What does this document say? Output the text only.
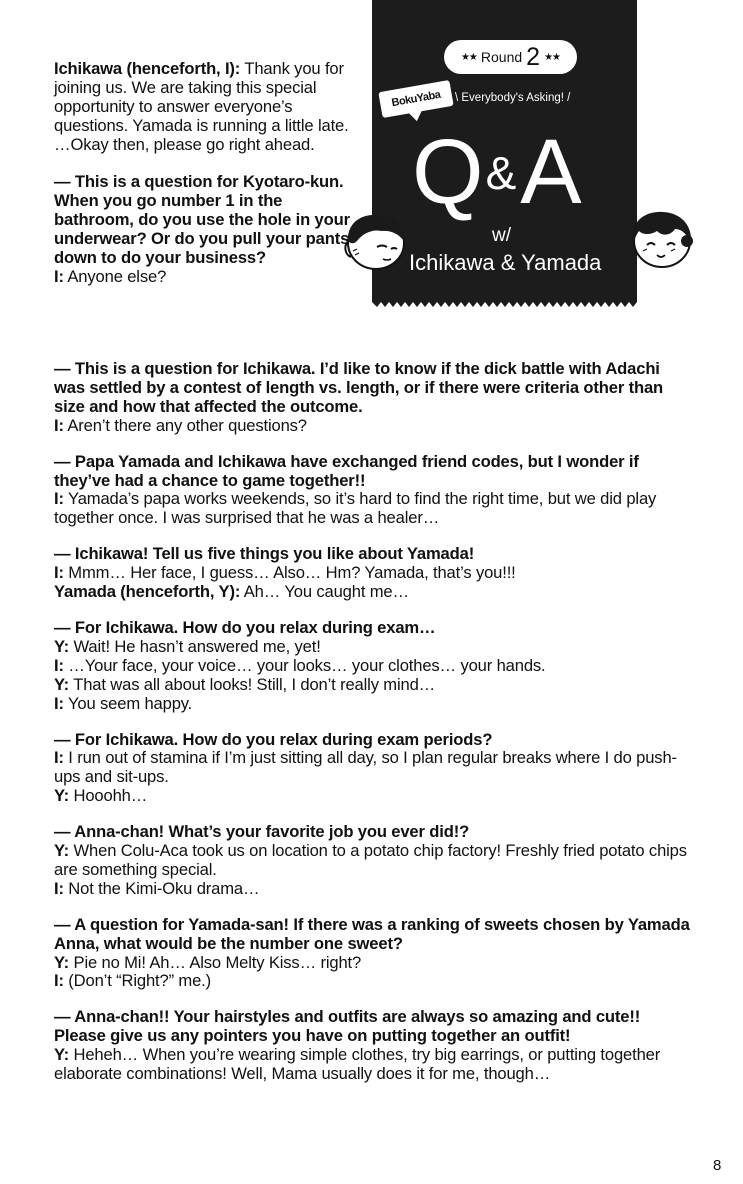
★★ Round 2 ★★
BokuYaba	\ Everybody's Asking! /
Q&A
w/
Ichikawa & Yamada

Ichikawa (henceforth, I): Thank you for joining us. We are taking this special opportunity to answer everyone’s questions. Yamada is running a little late. …Okay then, please go right ahead.

— This is a question for Kyotaro-kun. When you go number 1 in the bathroom, do you use the hole in your underwear? Or do you pull your pants down to do your business?
I: Anyone else?
— This is a question for Ichikawa. I’d like to know if the dick battle with Adachi was settled by a contest of length vs. length, or if there were criteria other than size and how that affected the outcome.
I: Aren’t there any other questions?
— Papa Yamada and Ichikawa have exchanged friend codes, but I wonder if they’ve had a chance to game together!!
I: Yamada’s papa works weekends, so it’s hard to find the right time, but we did play together once. I was surprised that he was a healer…
— Ichikawa! Tell us five things you like about Yamada!
I: Mmm… Her face, I guess… Also… Hm? Yamada, that’s you!!!
Yamada (henceforth, Y): Ah… You caught me…
— For Ichikawa. How do you relax during exam…
Y: Wait! He hasn’t answered me, yet!
I: …Your face, your voice… your looks… your clothes… your hands.
Y: That was all about looks! Still, I don’t really mind…
I: You seem happy.
— For Ichikawa. How do you relax during exam periods?
I: I run out of stamina if I’m just sitting all day, so I plan regular breaks where I do push-ups and sit-ups.
Y: Hooohh…
— Anna-chan! What’s your favorite job you ever did!?
Y: When Colu-Aca took us on location to a potato chip factory! Freshly fried potato chips are something special.
I: Not the Kimi-Oku drama…
— A question for Yamada-san! If there was a ranking of sweets chosen by Yamada Anna, what would be the number one sweet?
Y: Pie no Mi! Ah… Also Melty Kiss… right?
I: (Don’t “Right?” me.)
— Anna-chan!! Your hairstyles and outfits are always so amazing and cute!! Please give us any pointers you have on putting together an outfit!
Y: Heheh… When you’re wearing simple clothes, try big earrings, or putting together elaborate combinations! Well, Mama usually does it for me, though…
8
